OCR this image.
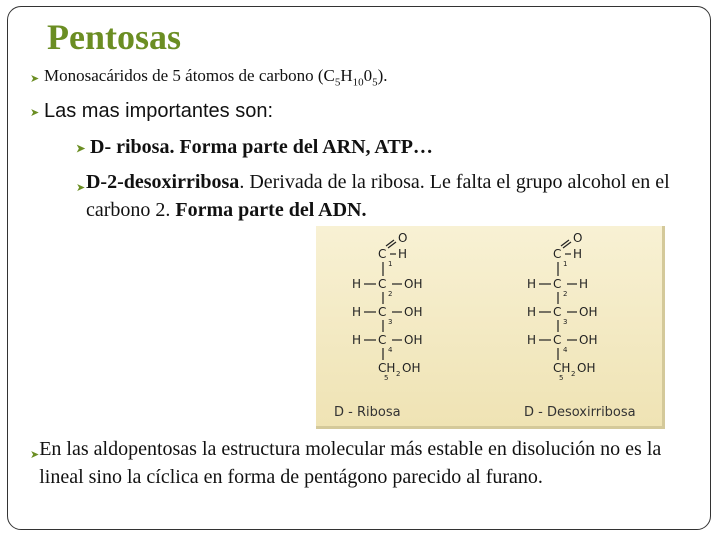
Pentosas
➤ Monosacáridos de 5 átomos de carbono $(C_5H_{10}0_5)$.
➤ Las mas importantes son:
➤ D- ribosa. Forma parte del ARN, ATP…
➤ D-2-desoxirribosa. Derivada de la ribosa. Le falta el grupo alcohol en el carbono 2. Forma parte del ADN.
C
1
O
H
H C
2
OH
H C
3
OH
H C
4
OH
CH 2 OH
5
D - Ribosa
C
1
O
H
H C
2
H
H C
3
OH
H C
4
OH
CH 2 OH
5
D - Desoxirribosa
➤ En las aldopentosas la estructura molecular más estable en disolución no es la lineal sino la cíclica en forma de pentágono parecido al furano.
